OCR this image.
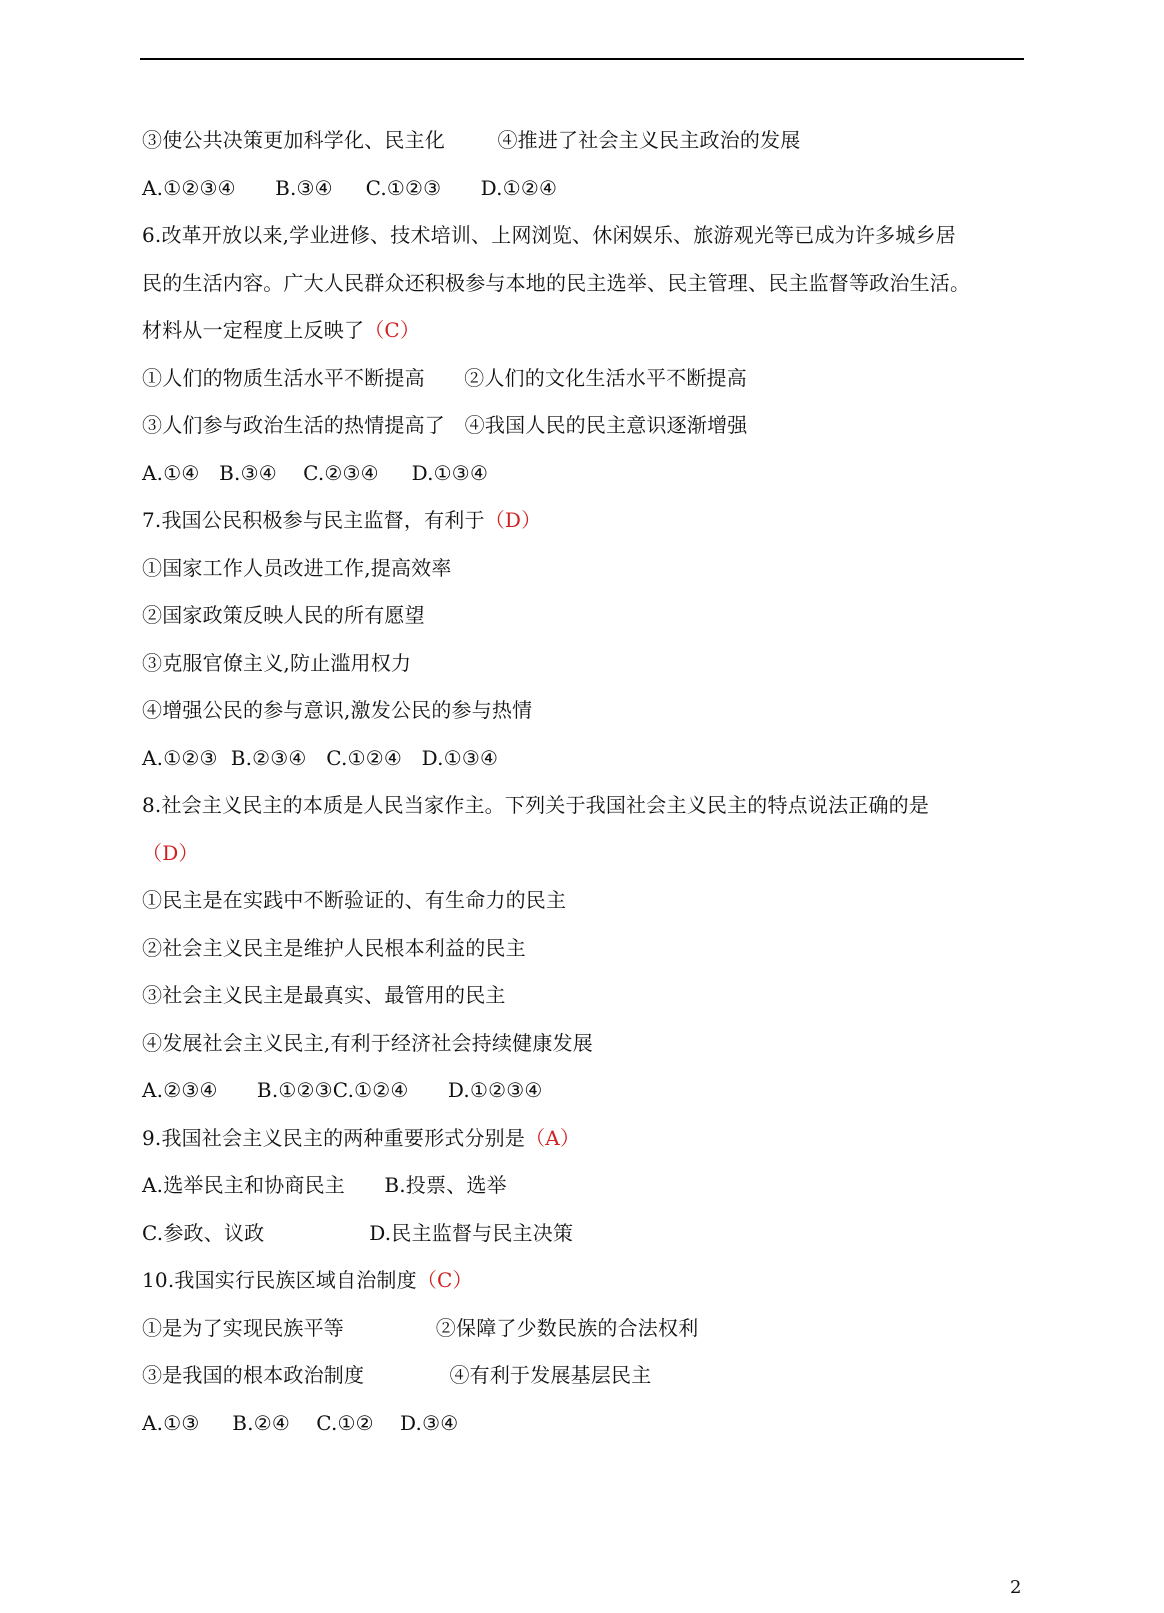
③使公共决策更加科学化、民主化        ④推进了社会主义民主政治的发展
A.①②③④      B.③④     C.①②③      D.①②④
6.改革开放以来,学业进修、技术培训、上网浏览、休闲娱乐、旅游观光等已成为许多城乡居
民的生活内容。广大人民群众还积极参与本地的民主选举、民主管理、民主监督等政治生活。
材料从一定程度上反映了（C）
①人们的物质生活水平不断提高      ②人们的文化生活水平不断提高
③人们参与政治生活的热情提高了   ④我国人民的民主意识逐渐增强
A.①④   B.③④    C.②③④     D.①③④
7.我国公民积极参与民主监督，有利于（D）
①国家工作人员改进工作,提高效率
②国家政策反映人民的所有愿望
③克服官僚主义,防止滥用权力
④增强公民的参与意识,激发公民的参与热情
A.①②③  B.②③④   C.①②④   D.①③④
8.社会主义民主的本质是人民当家作主。下列关于我国社会主义民主的特点说法正确的是
（D）
①民主是在实践中不断验证的、有生命力的民主
②社会主义民主是维护人民根本利益的民主
③社会主义民主是最真实、最管用的民主
④发展社会主义民主,有利于经济社会持续健康发展
A.②③④      B.①②③C.①②④      D.①②③④
9.我国社会主义民主的两种重要形式分别是（A）
A.选举民主和协商民主      B.投票、选举
C.参政、议政                D.民主监督与民主决策
10.我国实行民族区域自治制度（C）
①是为了实现民族平等              ②保障了少数民族的合法权利
③是我国的根本政治制度             ④有利于发展基层民主
A.①③     B.②④    C.①②    D.③④
2
